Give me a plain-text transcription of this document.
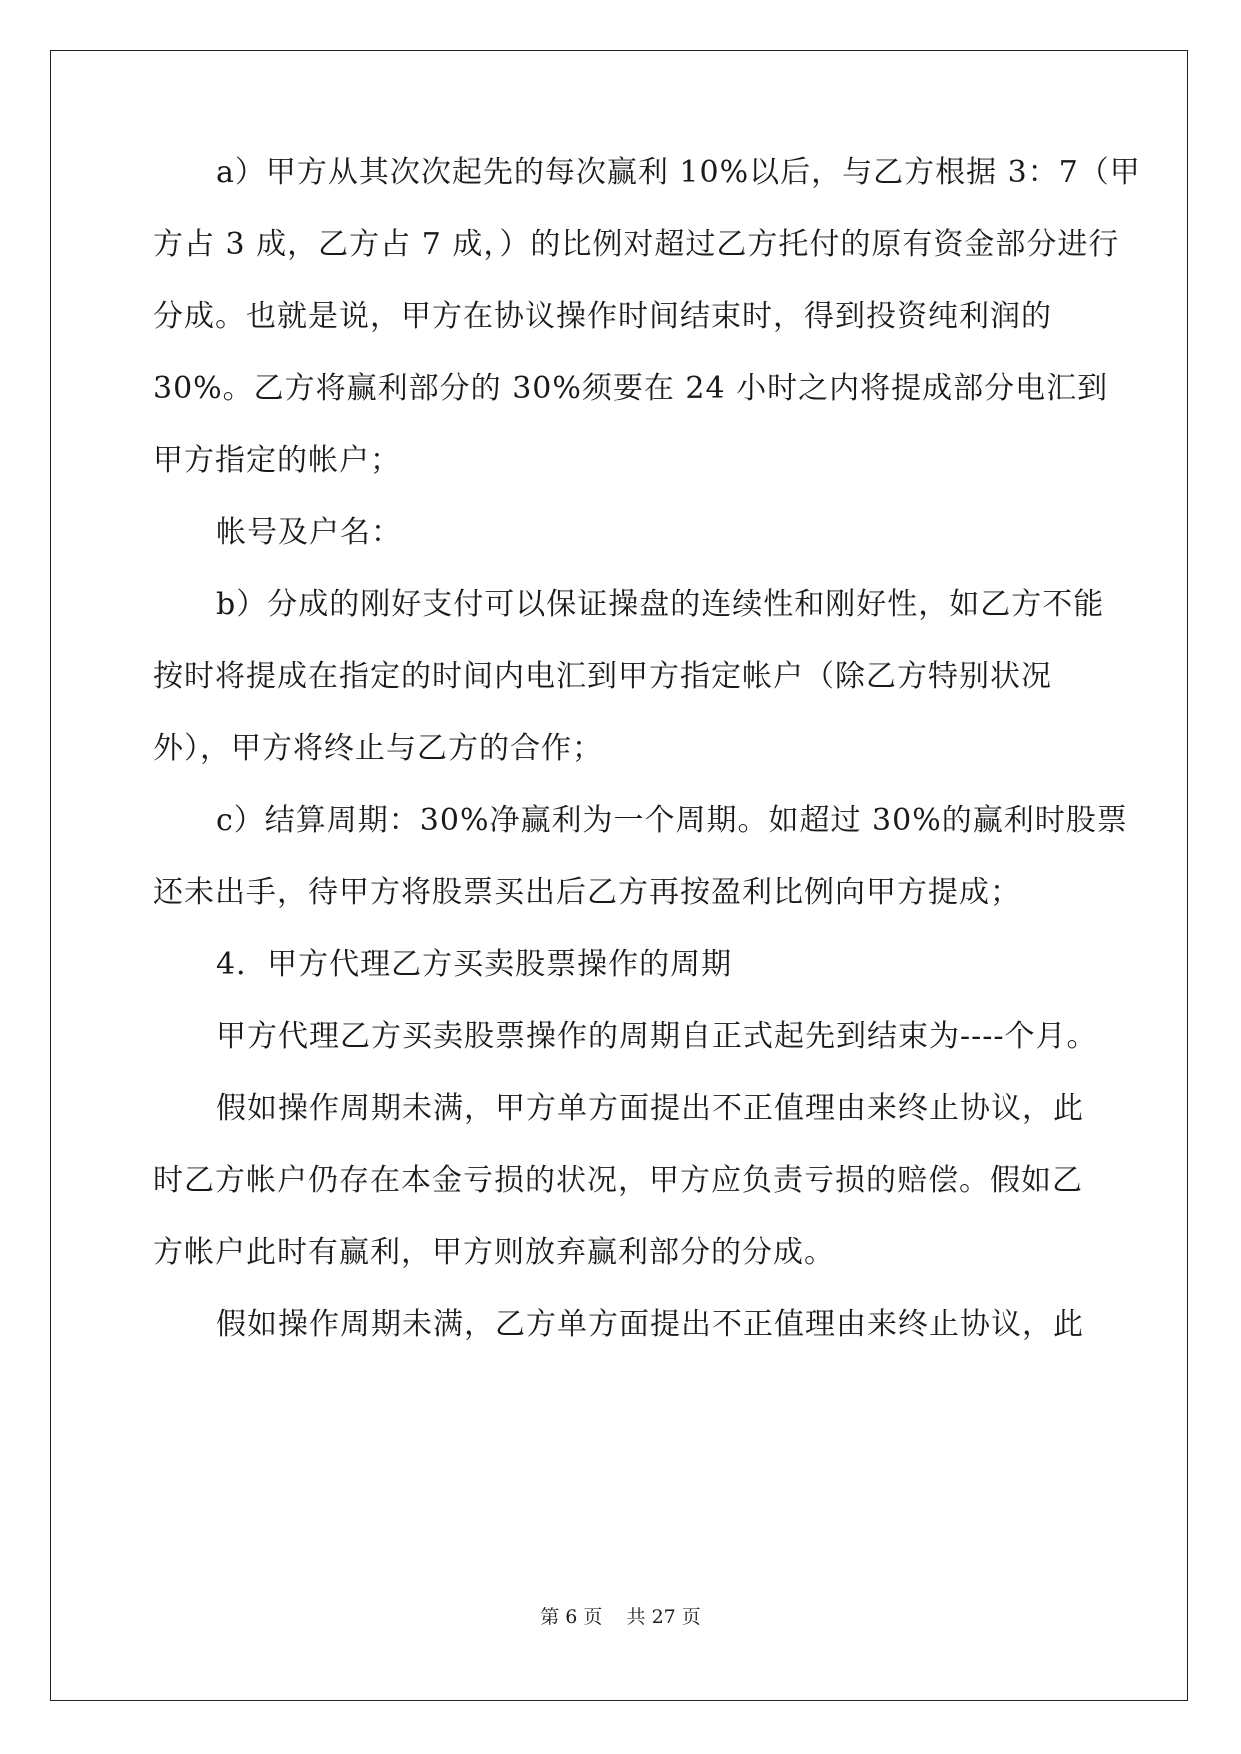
a）甲方从其次次起先的每次赢利 10%以后，与乙方根据 3：7（甲
方占 3 成，乙方占 7 成，）的比例对超过乙方托付的原有资金部分进行
分成。也就是说，甲方在协议操作时间结束时，得到投资纯利润的
30%。乙方将赢利部分的 30%须要在 24 小时之内将提成部分电汇到
甲方指定的帐户；
帐号及户名：
b）分成的刚好支付可以保证操盘的连续性和刚好性，如乙方不能
按时将提成在指定的时间内电汇到甲方指定帐户（除乙方特别状况
外），甲方将终止与乙方的合作；
c）结算周期：30%净赢利为一个周期。如超过 30%的赢利时股票
还未出手，待甲方将股票买出后乙方再按盈利比例向甲方提成；
4．甲方代理乙方买卖股票操作的周期
甲方代理乙方买卖股票操作的周期自正式起先到结束为----个月。
假如操作周期未满，甲方单方面提出不正值理由来终止协议，此
时乙方帐户仍存在本金亏损的状况，甲方应负责亏损的赔偿。假如乙
方帐户此时有赢利，甲方则放弃赢利部分的分成。
假如操作周期未满，乙方单方面提出不正值理由来终止协议，此
第 6 页    共 27 页
